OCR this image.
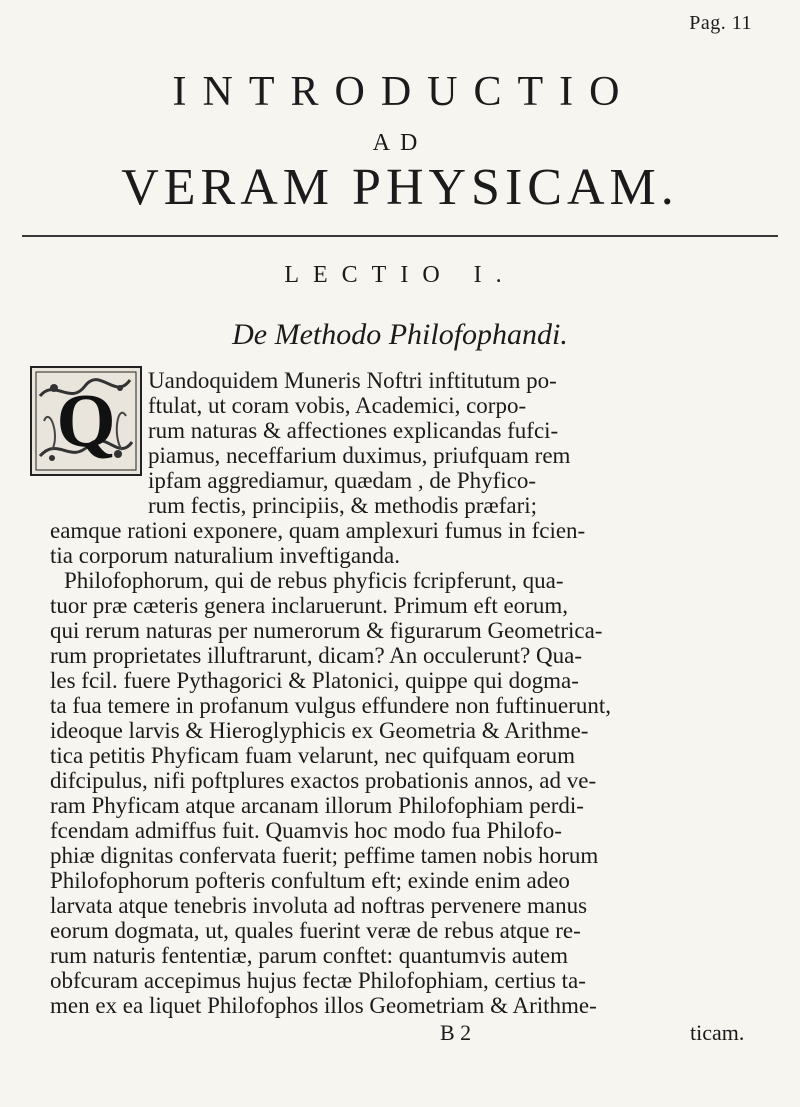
Pag. 11
INTRODUCTIO
AD
VERAM PHYSICAM.
LECTIO I.
De Methodo Philofophandi.
Q Uandoquidem Muneris Noftri inftitutum po-
ftulat, ut coram vobis, Academici, corpo-
rum naturas & affectiones explicandas fufci-
piamus, neceffarium duximus, priufquam rem
ipfam aggrediamur, quædam , de Phyfico-
rum fectis, principiis, & methodis præfari;
eamque rationi exponere, quam amplexuri fumus in fcien-
tia corporum naturalium inveftiganda.
Philofophorum, qui de rebus phyficis fcripferunt, qua-
tuor præ cæteris genera inclaruerunt. Primum eft eorum,
qui rerum naturas per numerorum & figurarum Geometrica-
rum proprietates illuftrarunt, dicam? An occulerunt? Qua-
les fcil. fuere Pythagorici & Platonici, quippe qui dogma-
ta fua temere in profanum vulgus effundere non fuftinuerunt,
ideoque larvis & Hieroglyphicis ex Geometria & Arithme-
tica petitis Phyficam fuam velarunt, nec quifquam eorum
difcipulus, nifi poftplures exactos probationis annos, ad ve-
ram Phyficam atque arcanam illorum Philofophiam perdi-
fcendam admiffus fuit. Quamvis hoc modo fua Philofo-
phiæ dignitas confervata fuerit; peffime tamen nobis horum
Philofophorum pofteris confultum eft; exinde enim adeo
larvata atque tenebris involuta ad noftras pervenere manus
eorum dogmata, ut, quales fuerint veræ de rebus atque re-
rum naturis fententiæ, parum conftet: quantumvis autem
obfcuram accepimus hujus fectæ Philofophiam, certius ta-
men ex ea liquet Philofophos illos Geometriam & Arithme-
B 2	ticam.
